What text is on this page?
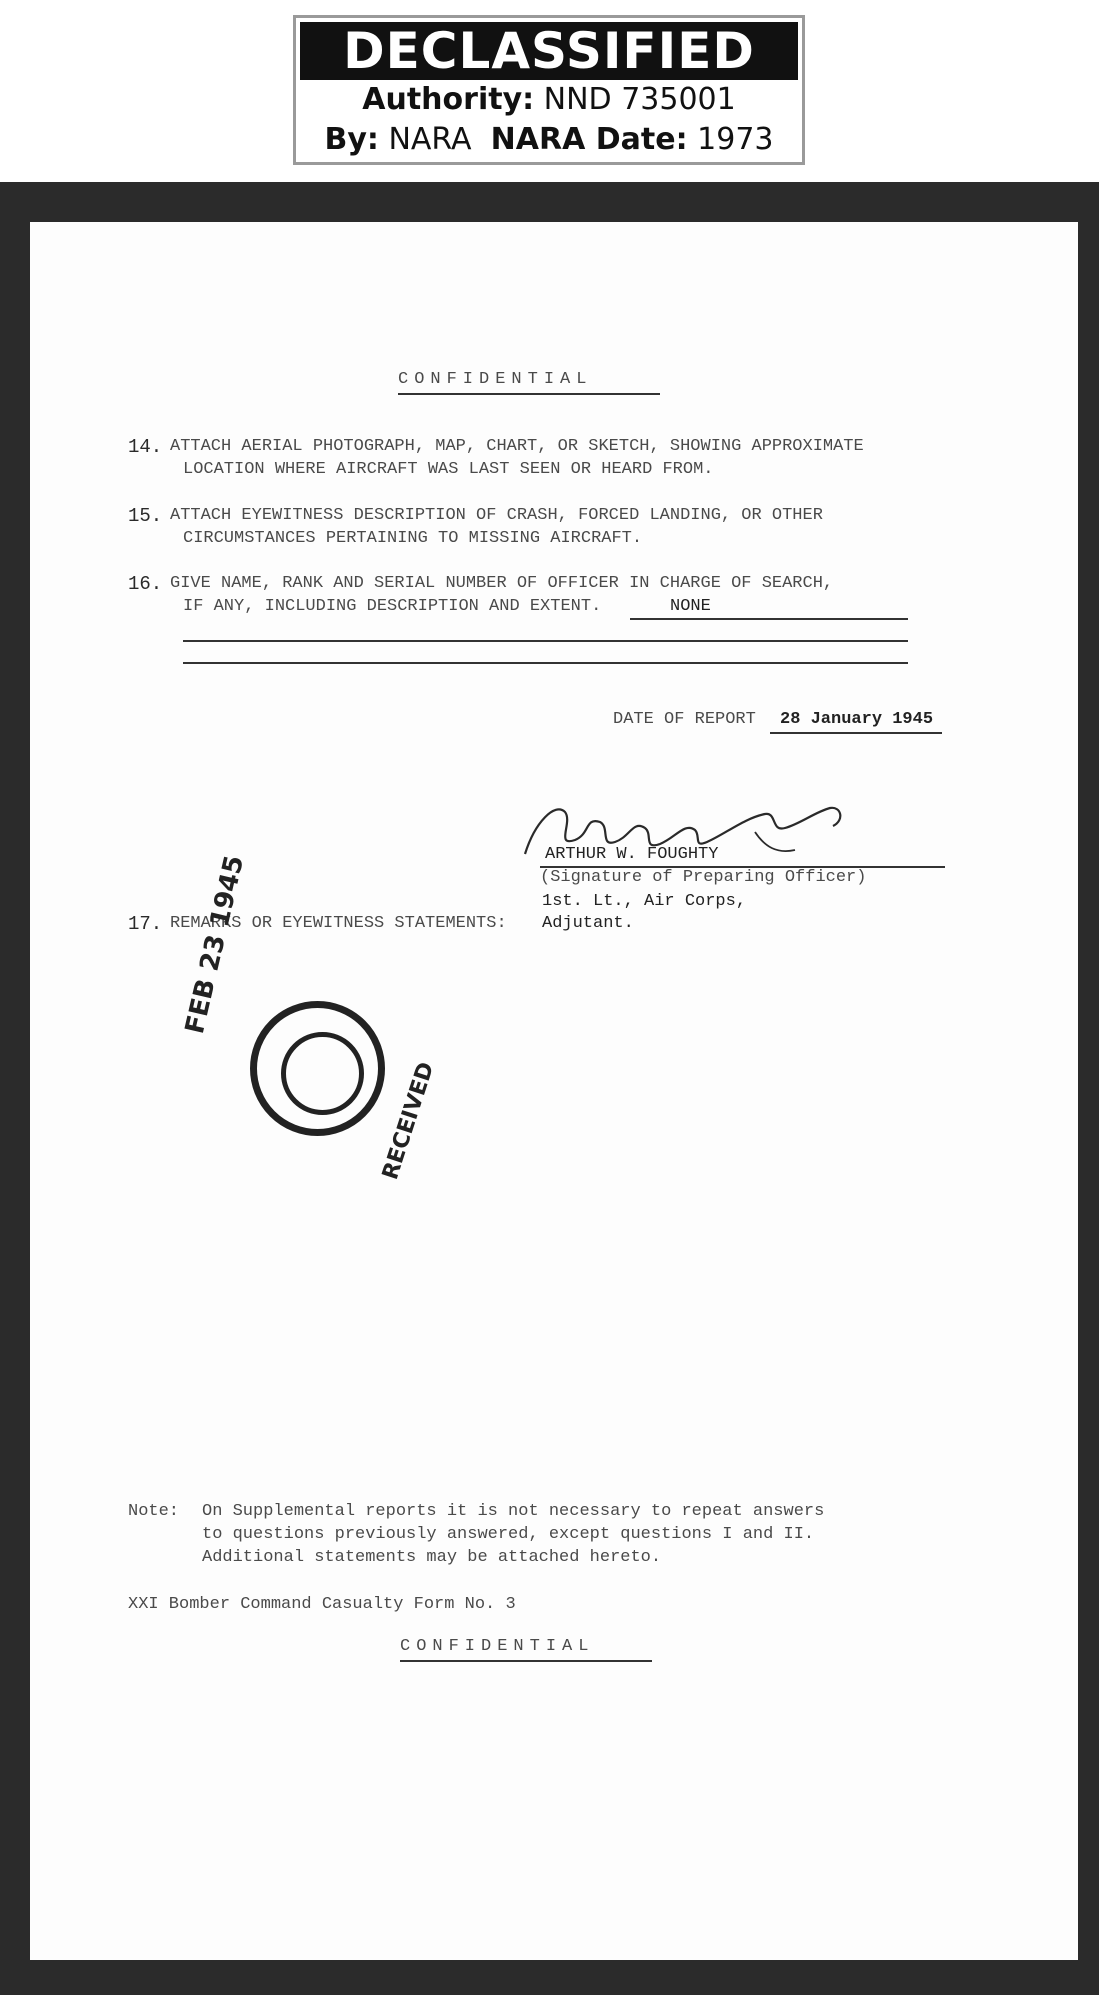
DECLASSIFIED
Authority: NND 735001
By: NARA NARA Date: 1973
CONFIDENTIAL
14. ATTACH AERIAL PHOTOGRAPH, MAP, CHART, OR SKETCH, SHOWING APPROXIMATE
LOCATION WHERE AIRCRAFT WAS LAST SEEN OR HEARD FROM.
15. ATTACH EYEWITNESS DESCRIPTION OF CRASH, FORCED LANDING, OR OTHER
CIRCUMSTANCES PERTAINING TO MISSING AIRCRAFT.
16. GIVE NAME, RANK AND SERIAL NUMBER OF OFFICER IN CHARGE OF SEARCH,
IF ANY, INCLUDING DESCRIPTION AND EXTENT.	NONE
DATE OF REPORT 28 January 1945
ARTHUR W. FOUGHTY
(Signature of Preparing Officer)
1st. Lt., Air Corps,
17. REMARKS OR EYEWITNESS STATEMENTS: Adjutant.
FEB 23 1945
RECEIVED
Note: On Supplemental reports it is not necessary to repeat answers
to questions previously answered, except questions I and II.
Additional statements may be attached hereto.
XXI Bomber Command Casualty Form No. 3
CONFIDENTIAL
